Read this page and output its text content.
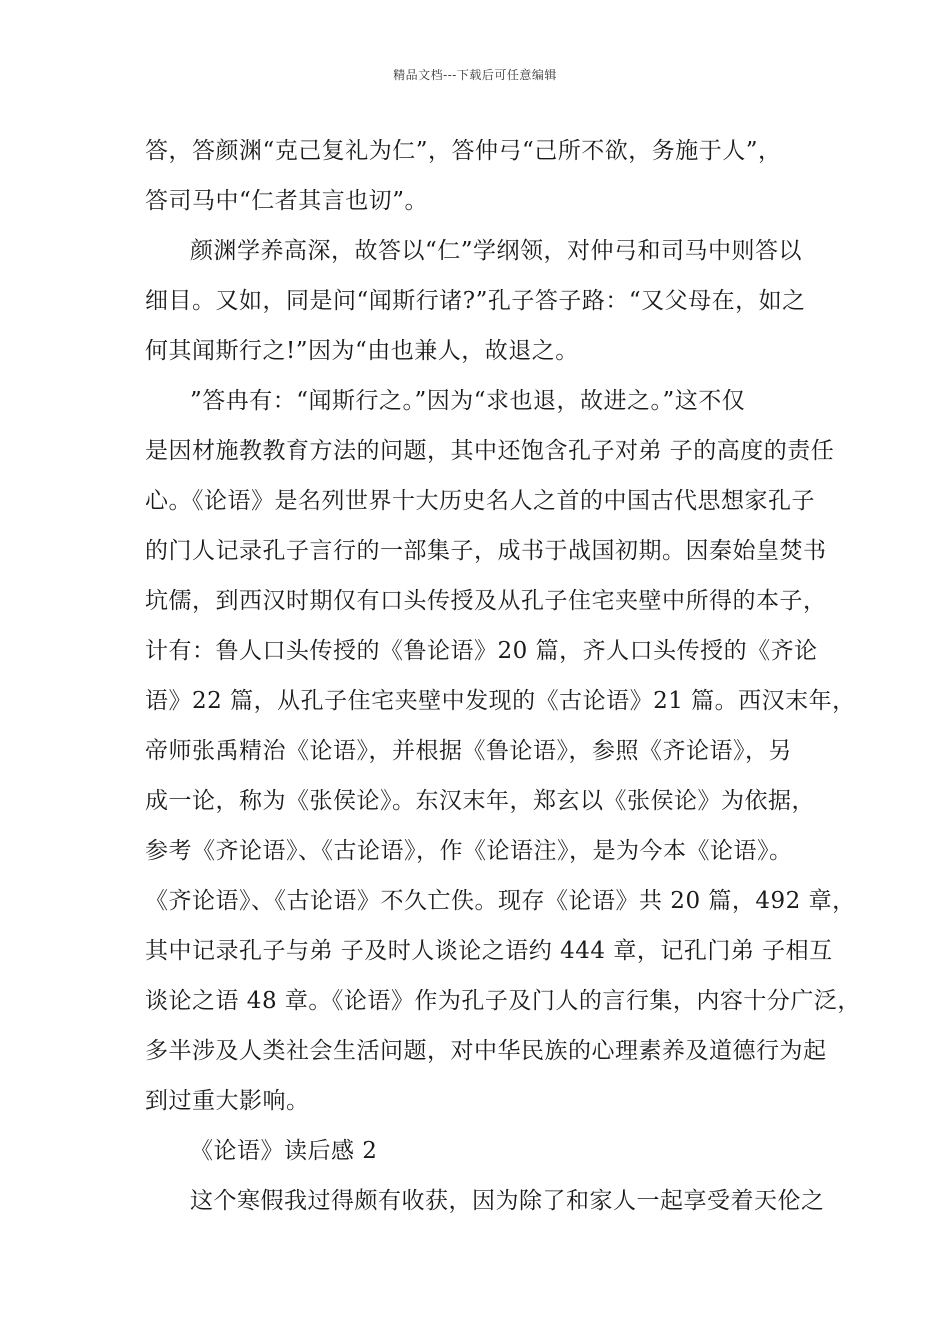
精品文档---下载后可任意编辑
答，答颜渊“克己复礼为仁”，答仲弓“己所不欲，务施于人”，
答司马中“仁者其言也讱”。
颜渊学养高深，故答以“仁”学纲领，对仲弓和司马中则答以
细目。又如，同是问“闻斯行诸?”孔子答子路：“又父母在，如之
何其闻斯行之!”因为“由也兼人，故退之。
”答冉有：“闻斯行之。”因为“求也退，故进之。”这不仅
是因材施教教育方法的问题，其中还饱含孔子对弟 子的高度的责任
心。《论语》是名列世界十大历史名人之首的中国古代思想家孔子
的门人记录孔子言行的一部集子，成书于战国初期。因秦始皇焚书
坑儒，到西汉时期仅有口头传授及从孔子住宅夹壁中所得的本子，
计有：鲁人口头传授的《鲁论语》20 篇，齐人口头传授的《齐论
语》22 篇，从孔子住宅夹壁中发现的《古论语》21 篇。西汉末年，
帝师张禹精治《论语》，并根据《鲁论语》，参照《齐论语》，另
成一论，称为《张侯论》。东汉末年，郑玄以《张侯论》为依据，
参考《齐论语》、《古论语》，作《论语注》，是为今本《论语》。
《齐论语》、《古论语》不久亡佚。现存《论语》共 20 篇，492 章，
其中记录孔子与弟 子及时人谈论之语约 444 章，记孔门弟 子相互
谈论之语 48 章。《论语》作为孔子及门人的言行集，内容十分广泛，
多半涉及人类社会生活问题，对中华民族的心理素养及道德行为起
到过重大影响。
《论语》读后感 2
这个寒假我过得颇有收获，因为除了和家人一起享受着天伦之
